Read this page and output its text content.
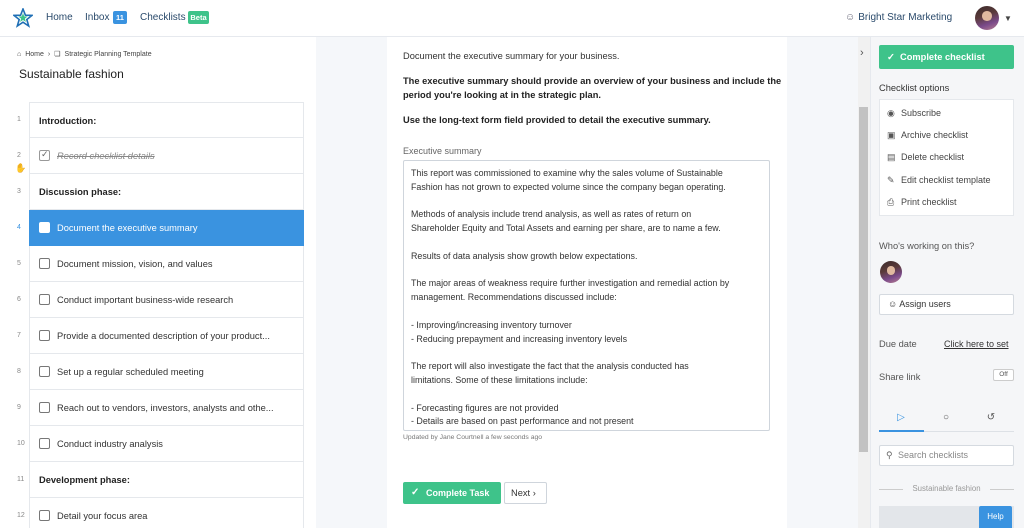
Home Inbox 11	Checklists Beta	☺ Bright Star Marketing	▼
⌂ Home › ❏ Strategic Planning Template
Sustainable fashion
1 Introduction:
2
✓	Record checklist details
3 Discussion phase:
4	Document the executive summary
5	Document mission, vision, and values
6	Conduct important business-wide research
7	Provide a documented description of your product...
8	Set up a regular scheduled meeting
9	Reach out to vendors, investors, analysts and othe...
10	Conduct industry analysis
11 Development phase:
12	Detail your focus area
✋
Document the executive summary for your business.
The executive summary should provide an overview of your business and include the period you're looking at in the strategic plan.
Use the long-text form field provided to detail the executive summary.
Executive summary
This report was commissioned to examine why the sales volume of Sustainable
Fashion has not grown to expected volume since the company began operating.
Methods of analysis include trend analysis, as well as rates of return on
Shareholder Equity and Total Assets and earning per share, are to name a few.
Results of data analysis show growth below expectations.
The major areas of weakness require further investigation and remedial action by
management. Recommendations discussed include:
- Improving/increasing inventory turnover
- Reducing prepayment and increasing inventory levels
The report will also investigate the fact that the analysis conducted has
limitations. Some of these limitations include:
- Forecasting figures are not provided
- Details are based on past performance and not present
Updated by Jane Courtnell a few seconds ago
✓ Complete Task	Next ›
›	✓ Complete checklist
Checklist options
◉ Subscribe
▣ Archive checklist
▤ Delete checklist
✎ Edit checklist template
⎙ Print checklist
Who's working on this?
☺ Assign users
Due date	Click here to set
Share link	Off
▷	○	↺
⚲ Search checklists
Sustainable fashion
Help
